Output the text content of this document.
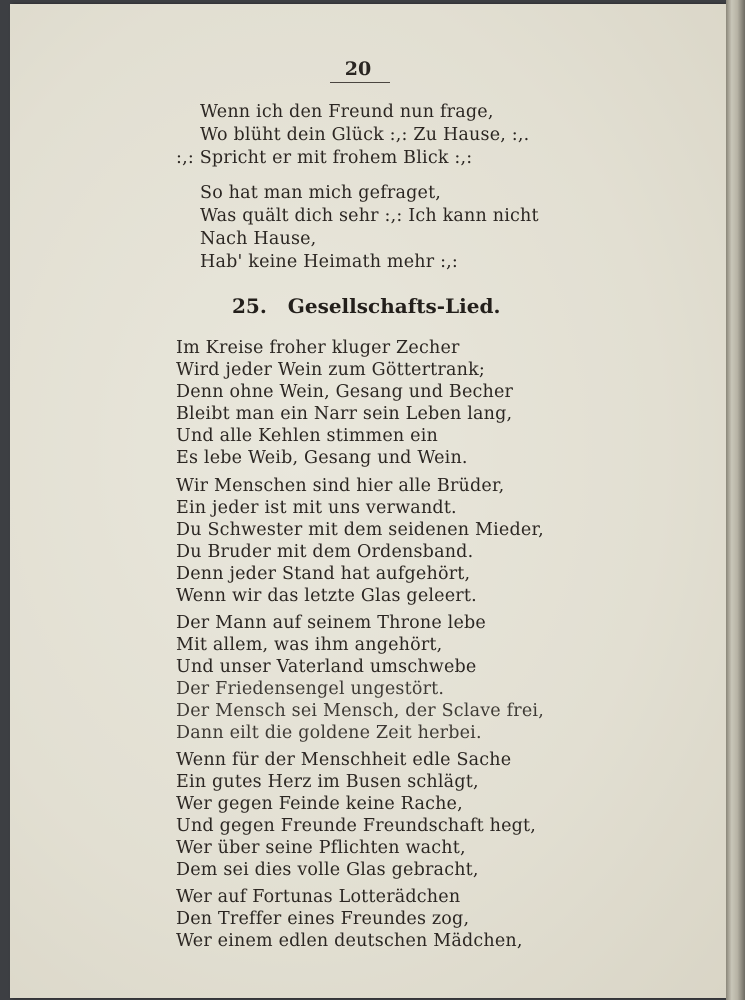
20
Wenn ich den Freund nun frage,
Wo blüht dein Glück :,: Zu Hause, :,.
:,: Spricht er mit frohem Blick :,:
So hat man mich gefraget,
Was quält dich sehr :,: Ich kann nicht
Nach Hause,
Hab' keine Heimath mehr :,:
25. Gesellschafts-Lied.
Im Kreise froher kluger Zecher
Wird jeder Wein zum Göttertrank;
Denn ohne Wein, Gesang und Becher
Bleibt man ein Narr sein Leben lang,
Und alle Kehlen stimmen ein
Es lebe Weib, Gesang und Wein.
Wir Menschen sind hier alle Brüder,
Ein jeder ist mit uns verwandt.
Du Schwester mit dem seidenen Mieder,
Du Bruder mit dem Ordensband.
Denn jeder Stand hat aufgehört,
Wenn wir das letzte Glas geleert.
Der Mann auf seinem Throne lebe
Mit allem, was ihm angehört,
Und unser Vaterland umschwebe
Der Friedensengel ungestört.
Der Mensch sei Mensch, der Sclave frei,
Dann eilt die goldene Zeit herbei.
Wenn für der Menschheit edle Sache
Ein gutes Herz im Busen schlägt,
Wer gegen Feinde keine Rache,
Und gegen Freunde Freundschaft hegt,
Wer über seine Pflichten wacht,
Dem sei dies volle Glas gebracht,
Wer auf Fortunas Lotterädchen
Den Treffer eines Freundes zog,
Wer einem edlen deutschen Mädchen,
